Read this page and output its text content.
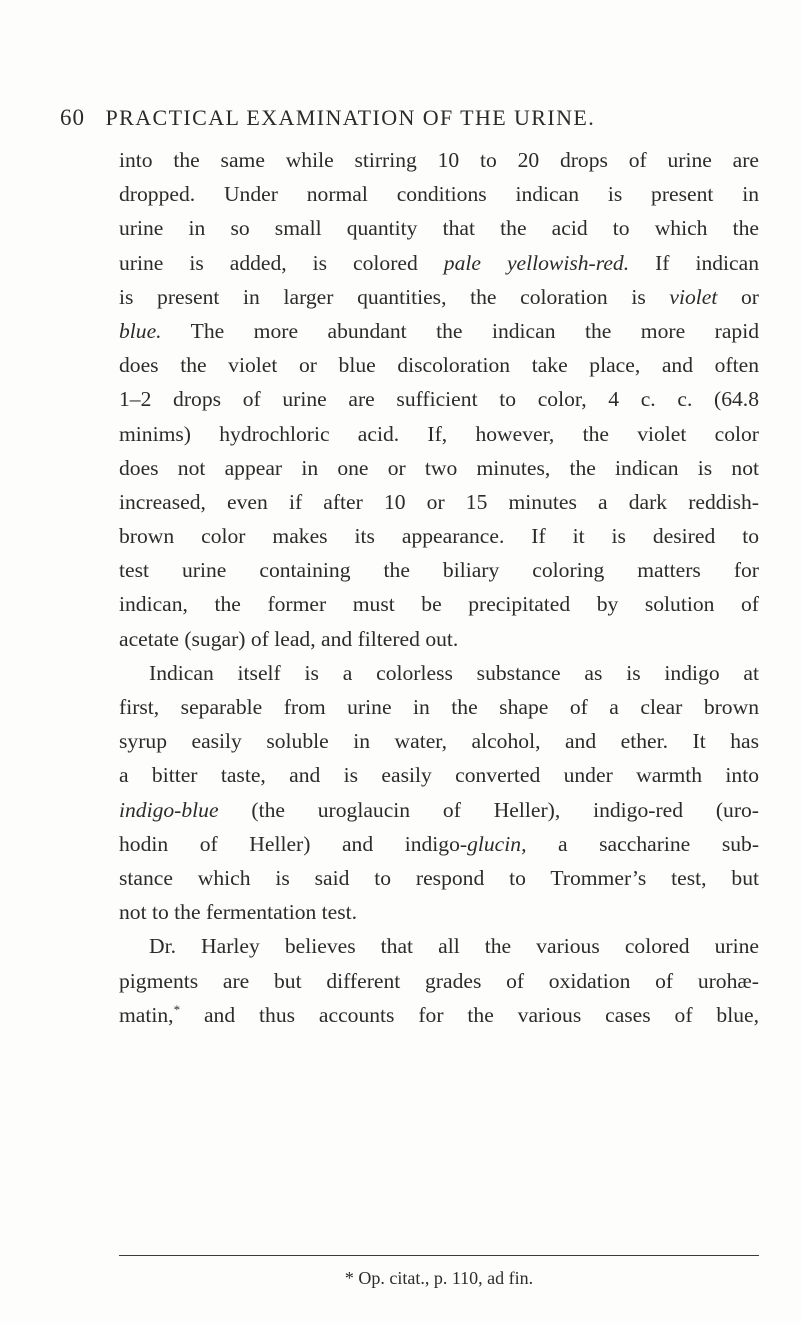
60 PRACTICAL EXAMINATION OF THE URINE.
into the same while stirring 10 to 20 drops of urine are
dropped. Under normal conditions indican is present in
urine in so small quantity that the acid to which the
urine is added, is colored pale yellowish-red. If indican
is present in larger quantities, the coloration is violet or
blue. The more abundant the indican the more rapid
does the violet or blue discoloration take place, and often
1–2 drops of urine are sufficient to color, 4 c. c. (64.8
minims) hydrochloric acid. If, however, the violet color
does not appear in one or two minutes, the indican is not
increased, even if after 10 or 15 minutes a dark reddish-
brown color makes its appearance. If it is desired to
test urine containing the biliary coloring matters for
indican, the former must be precipitated by solution of
acetate (sugar) of lead, and filtered out.
Indican itself is a colorless substance as is indigo at
first, separable from urine in the shape of a clear brown
syrup easily soluble in water, alcohol, and ether. It has
a bitter taste, and is easily converted under warmth into
indigo-blue (the uroglaucin of Heller), indigo-red (uro-
hodin of Heller) and indigo-glucin, a saccharine sub-
stance which is said to respond to Trommer’s test, but
not to the fermentation test.
Dr. Harley believes that all the various colored urine
pigments are but different grades of oxidation of urohæ-
matin,* and thus accounts for the various cases of blue,
* Op. citat., p. 110, ad fin.
